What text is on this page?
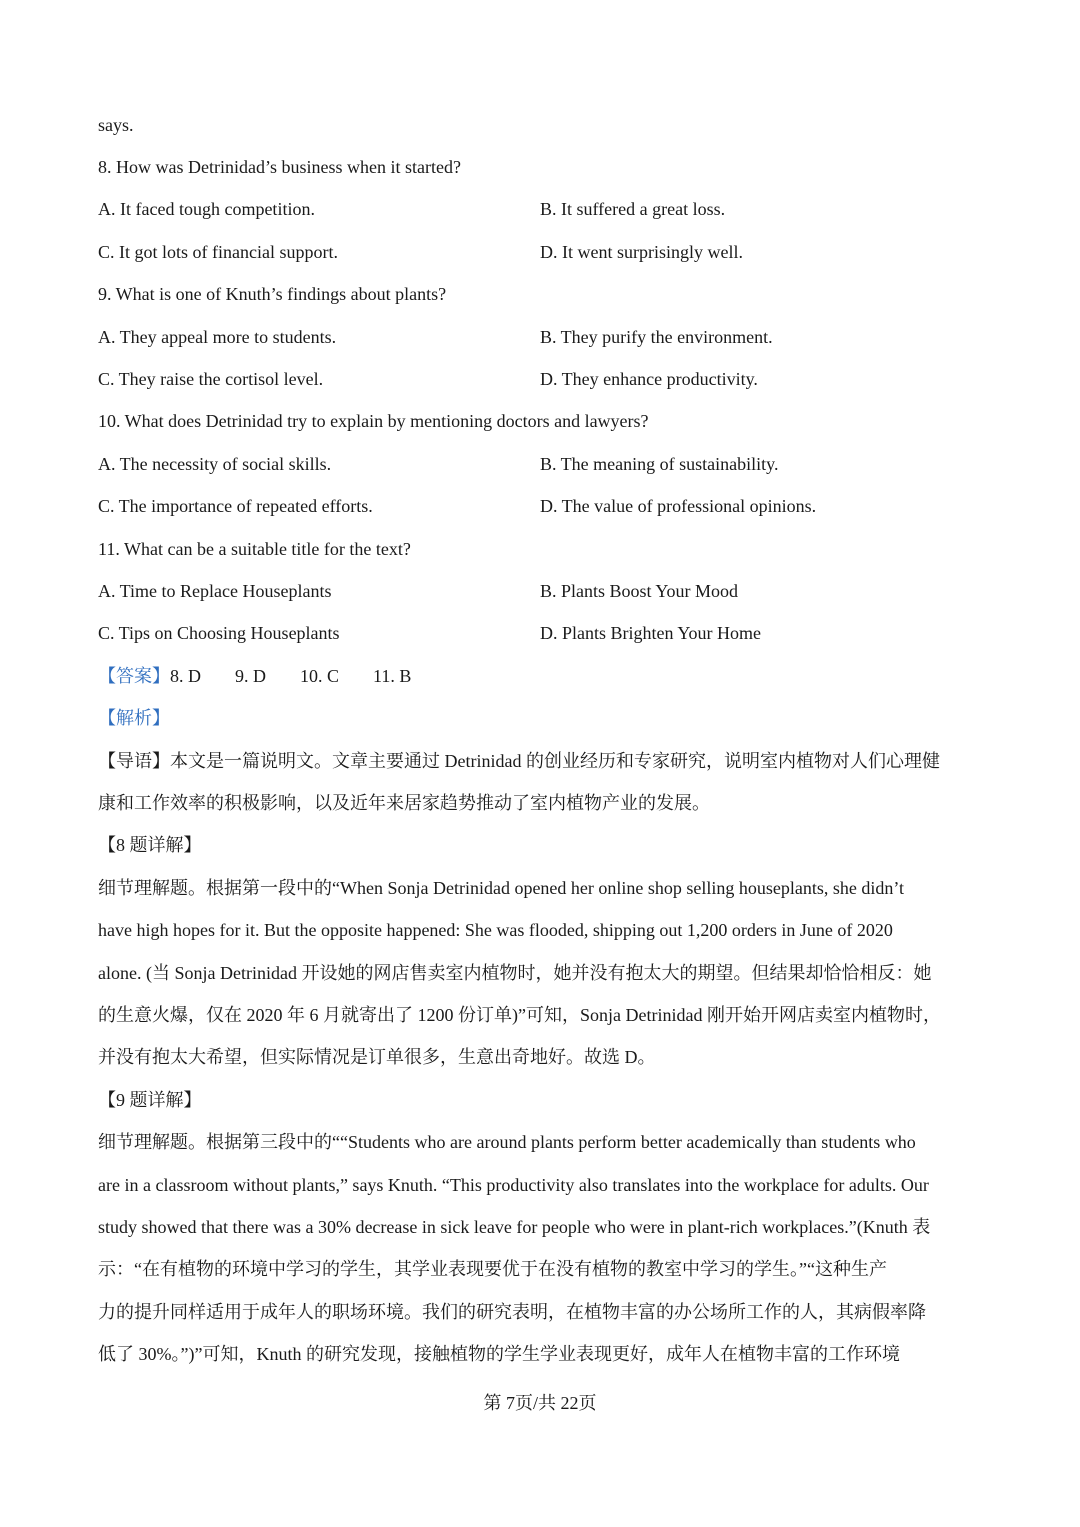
says.
8. How was Detrinidad’s business when it started?
A. It faced tough competition.	B. It suffered a great loss.
C. It got lots of financial support.	D. It went surprisingly well.
9. What is one of Knuth’s findings about plants?
A. They appeal more to students.	B. They purify the environment.
C. They raise the cortisol level.	D. They enhance productivity.
10. What does Detrinidad try to explain by mentioning doctors and lawyers?
A. The necessity of social skills.	B. The meaning of sustainability.
C. The importance of repeated efforts.	D. The value of professional opinions.
11. What can be a suitable title for the text?
A. Time to Replace Houseplants	B. Plants Boost Your Mood
C. Tips on Choosing Houseplants	D. Plants Brighten Your Home
【答案】8. D 9. D 10. C 11. B
【解析】
【导语】本文是一篇说明文。文章主要通过 Detrinidad 的创业经历和专家研究，说明室内植物对人们心理健
康和工作效率的积极影响，以及近年来居家趋势推动了室内植物产业的发展。
【8 题详解】
细节理解题。根据第一段中的“When Sonja Detrinidad opened her online shop selling houseplants, she didn’t
have high hopes for it. But the opposite happened: She was flooded, shipping out 1,200 orders in June of 2020
alone. (当 Sonja Detrinidad 开设她的网店售卖室内植物时，她并没有抱太大的期望。但结果却恰恰相反：她
的生意火爆，仅在 2020 年 6 月就寄出了 1200 份订单)”可知，Sonja Detrinidad 刚开始开网店卖室内植物时，
并没有抱太大希望，但实际情况是订单很多，生意出奇地好。故选 D。
【9 题详解】
细节理解题。根据第三段中的““Students who are around plants perform better academically than students who
are in a classroom without plants,” says Knuth. “This productivity also translates into the workplace for adults. Our
study showed that there was a 30% decrease in sick leave for people who were in plant-rich workplaces.”(Knuth 表
示：“在有植物的环境中学习的学生，其学业表现要优于在没有植物的教室中学习的学生。”“这种生产
力的提升同样适用于成年人的职场环境。我们的研究表明，在植物丰富的办公场所工作的人，其病假率降
低了 30%。”)”可知，Knuth 的研究发现，接触植物的学生学业表现更好，成年人在植物丰富的工作环境
第 7页/共 22页
